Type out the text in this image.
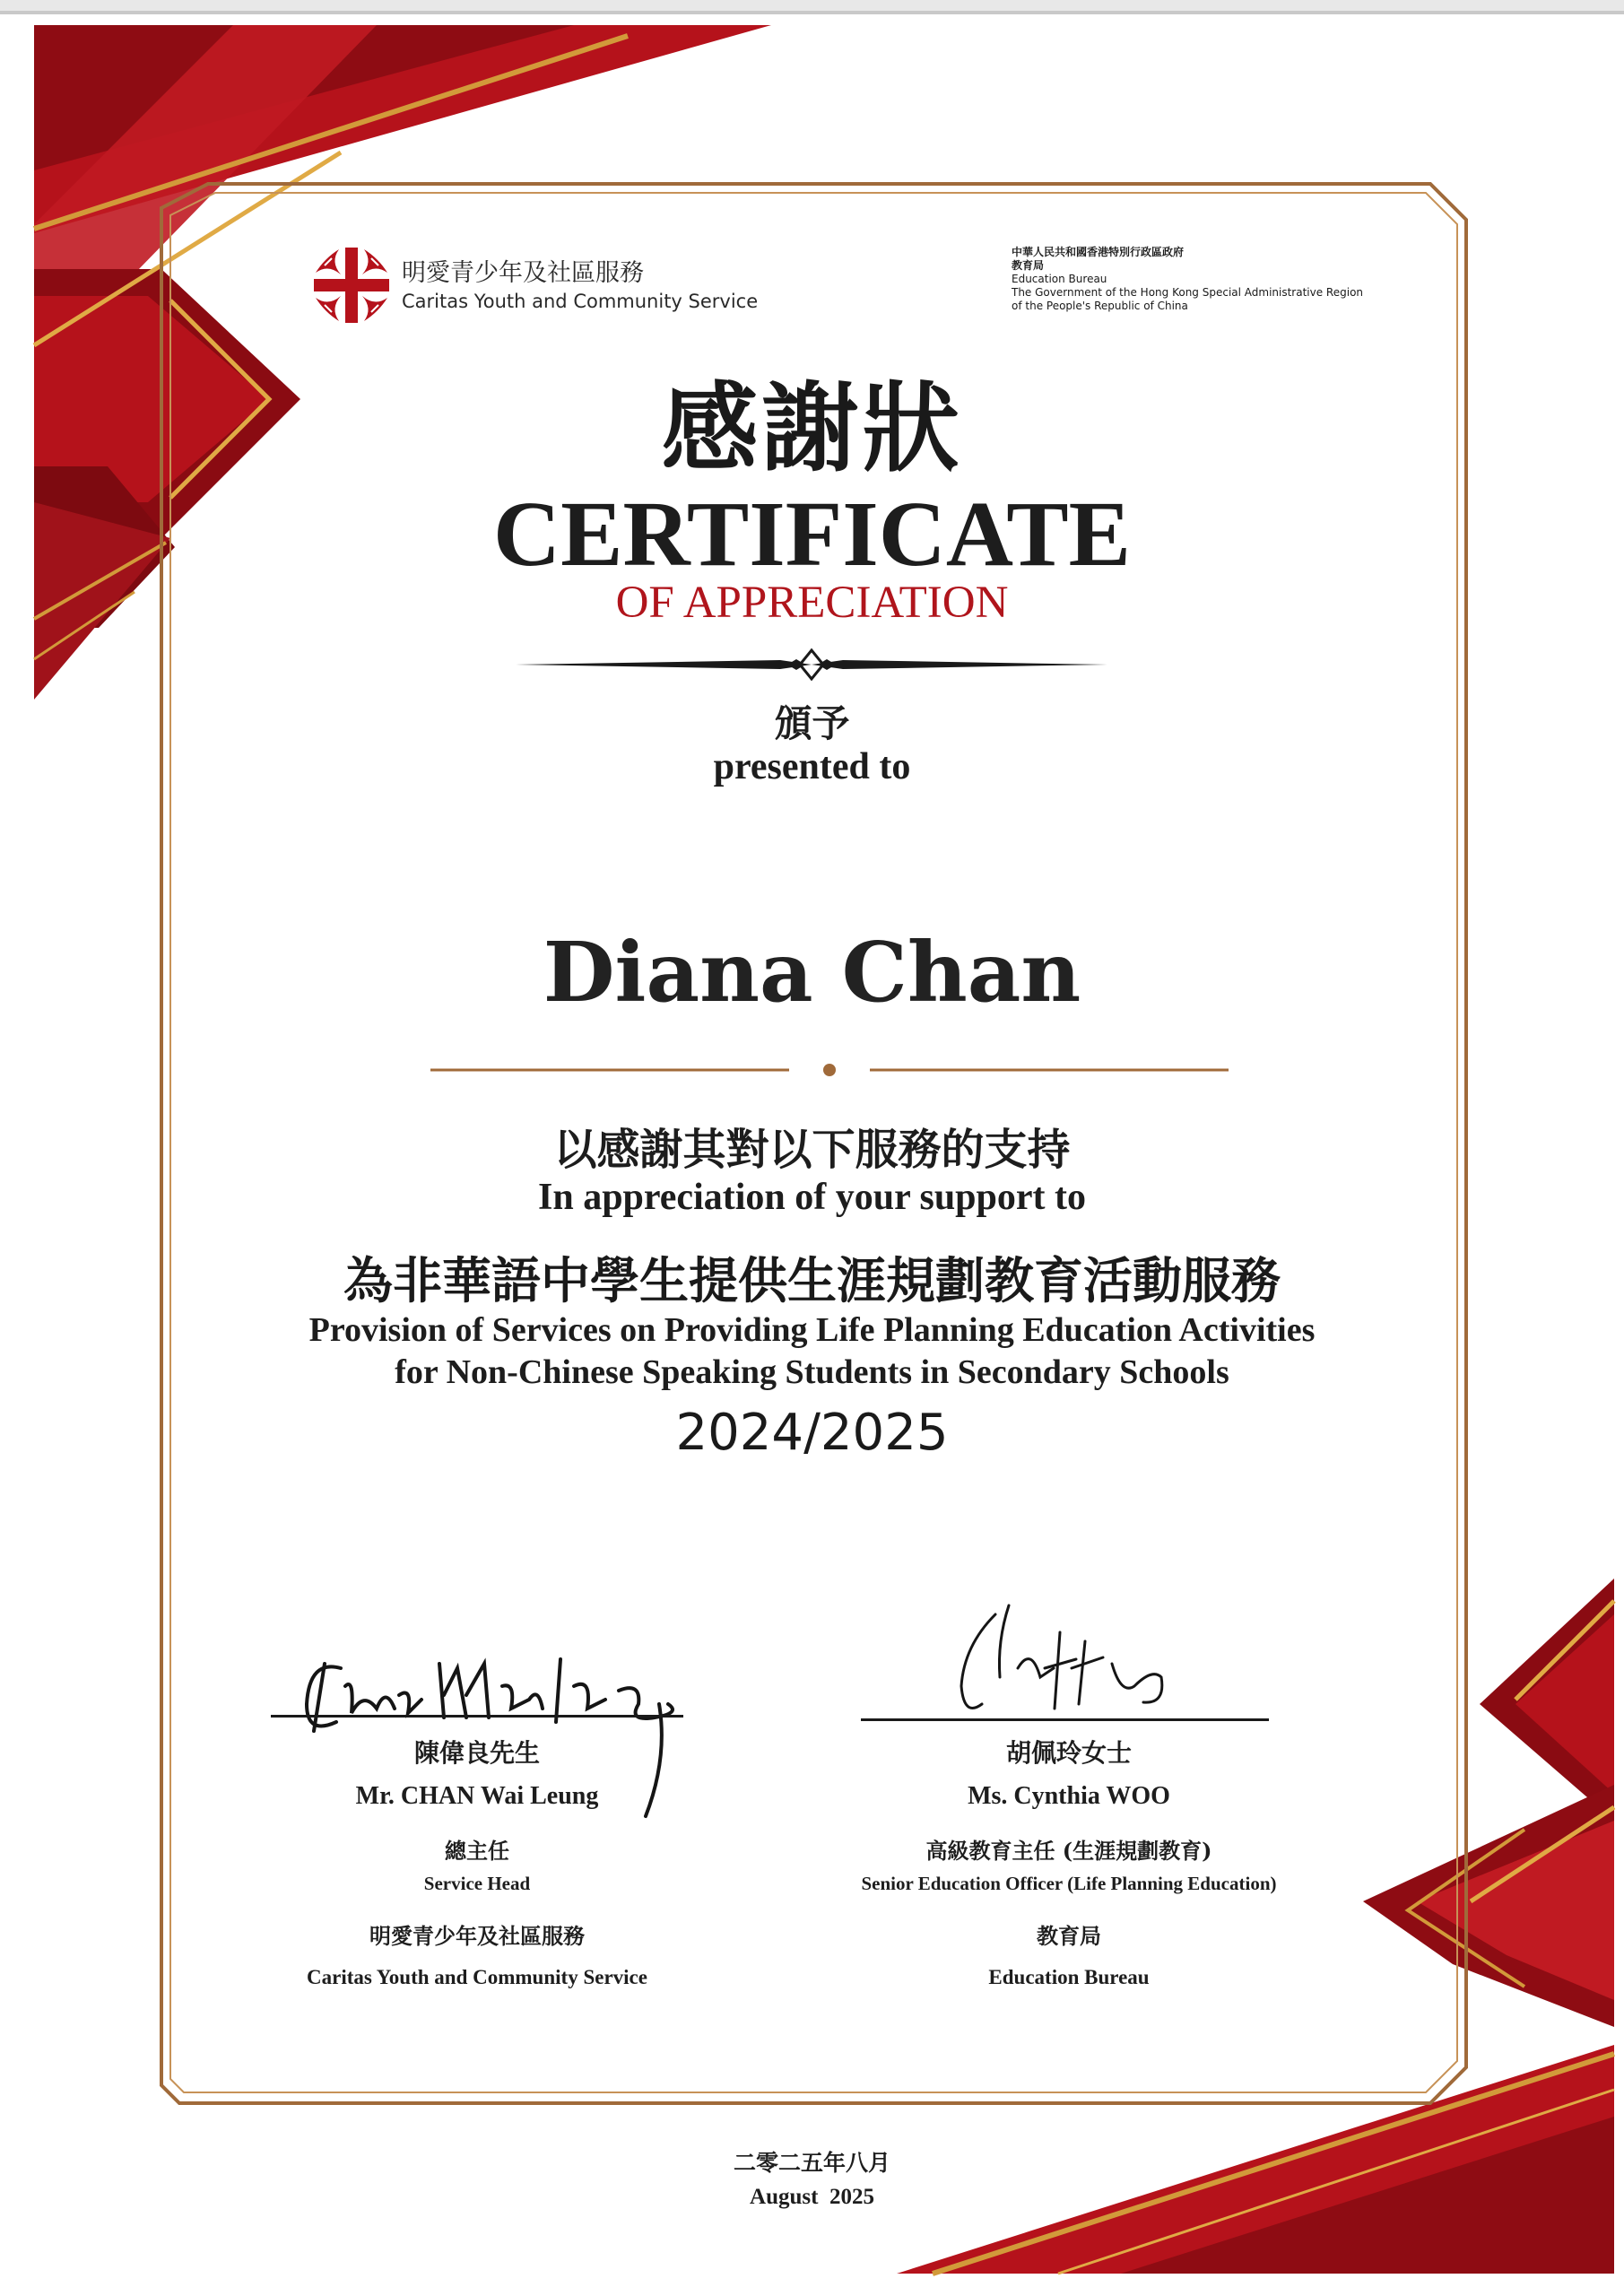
明愛青少年及社區服務
Caritas Youth and Community Service
中華人民共和國香港特別行政區政府
教育局
Education Bureau
The Government of the Hong Kong Special Administrative Region
of the People's Republic of China
感謝狀
CERTIFICATE
OF APPRECIATION
頒予
presented to
Diana Chan
以感謝其對以下服務的支持
In appreciation of your support to
為非華語中學生提供生涯規劃教育活動服務
Provision of Services on Providing Life Planning Education Activities
for Non-Chinese Speaking Students in Secondary Schools
2024/2025
陳偉良先生
Mr. CHAN Wai Leung
總主任
Service Head
明愛青少年及社區服務
Caritas Youth and Community Service
胡佩玲女士
Ms. Cynthia WOO
高級教育主任 (生涯規劃教育)
Senior Education Officer (Life Planning Education)
教育局
Education Bureau
二零二五年八月
August  2025
